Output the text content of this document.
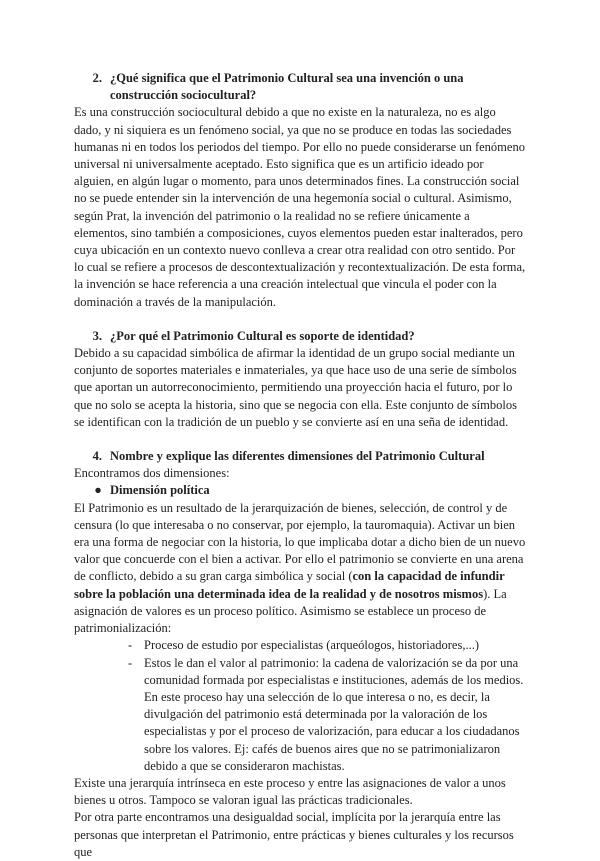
2. ¿Qué significa que el Patrimonio Cultural sea una invención o una construcción sociocultural?

Es una construcción sociocultural debido a que no existe en la naturaleza, no es algo dado, y ni siquiera es un fenómeno social, ya que no se produce en todas las sociedades humanas ni en todos los periodos del tiempo. Por ello no puede considerarse un fenómeno universal ni universalmente aceptado. Esto significa que es un artificio ideado por alguien, en algún lugar o momento, para unos determinados fines. La construcción social no se puede entender sin la intervención de una hegemonía social o cultural. Asimismo, según Prat, la invención del patrimonio o la realidad no se refiere únicamente a elementos, sino también a composiciones, cuyos elementos pueden estar inalterados, pero cuya ubicación en un contexto nuevo conlleva a crear otra realidad con otro sentido. Por lo cual se refiere a procesos de descontextualización y recontextualización. De esta forma, la invención se hace referencia a una creación intelectual que vincula el poder con la dominación a través de la manipulación.

3. ¿Por qué el Patrimonio Cultural es soporte de identidad?

Debido a su capacidad simbólica de afirmar la identidad de un grupo social mediante un conjunto de soportes materiales e inmateriales, ya que hace uso de una serie de símbolos que aportan un autorreconocimiento, permitiendo una proyección hacia el futuro, por lo que no solo se acepta la historia, sino que se negocia con ella. Este conjunto de símbolos se identifican con la tradición de un pueblo y se convierte así en una seña de identidad.

4. Nombre y explique las diferentes dimensiones del Patrimonio Cultural

Encontramos dos dimensiones:

● Dimensión política

El Patrimonio es un resultado de la jerarquización de bienes, selección, de control y de censura (lo que interesaba o no conservar, por ejemplo, la tauromaquia). Activar un bien era una forma de negociar con la historia, lo que implicaba dotar a dicho bien de un nuevo valor que concuerde con el bien a activar. Por ello el patrimonio se convierte en una arena de conflicto, debido a su gran carga simbólica y social (con la capacidad de infundir sobre la población una determinada idea de la realidad y de nosotros mismos). La asignación de valores es un proceso político. Asimismo se establece un proceso de patrimonialización:

- Proceso de estudio por especialistas (arqueólogos, historiadores,...)
- Estos le dan el valor al patrimonio: la cadena de valorización se da por una comunidad formada por especialistas e instituciones, además de los medios. En este proceso hay una selección de lo que interesa o no, es decir, la divulgación del patrimonio está determinada por la valoración de los especialistas y por el proceso de valorización, para educar a los ciudadanos sobre los valores. Ej: cafés de buenos aires que no se patrimonializaron debido a que se consideraron machistas.

Existe una jerarquía intrínseca en este proceso y entre las asignaciones de valor a unos bienes u otros. Tampoco se valoran igual las prácticas tradicionales.

Por otra parte encontramos una desigualdad social, implícita por la jerarquía entre las personas que interpretan el Patrimonio, entre prácticas y bienes culturales y los recursos que
